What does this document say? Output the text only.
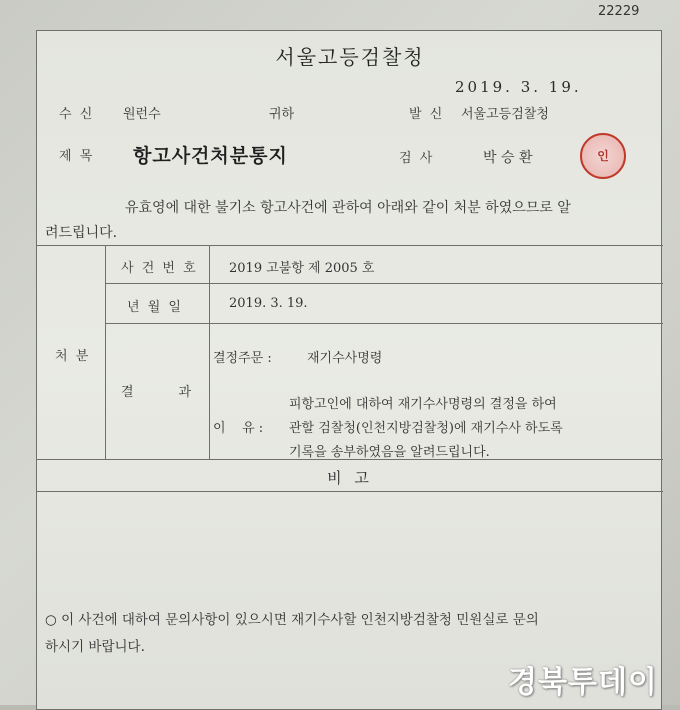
22229
서울고등검찰청
2019. 3. 19.
수 신 원런수	귀하	발 신 서울고등검찰청
제 목 항고사건처분통지	검 사	박 승 환	인
유효영에 대한 불기소 항고사건에 관하여 아래와 같이 처분 하였으므로 알
려드립니다.
처 분
사 건 번 호 2019 고불항 제 2005 호
년 월 일	2019. 3. 19.
결       과
결정주문 :	재기수사명령
이    유 :
피항고인에 대하여 재기수사명령의 결정을 하여
관할 검찰청(인천지방검찰청)에 재기수사 하도록
기록을 송부하였음을 알려드립니다.
비 고
○ 이 사건에 대하여 문의사항이 있으시면 재기수사할 인천지방검찰청 민원실로 문의
하시기 바랍니다.
경북투데이
